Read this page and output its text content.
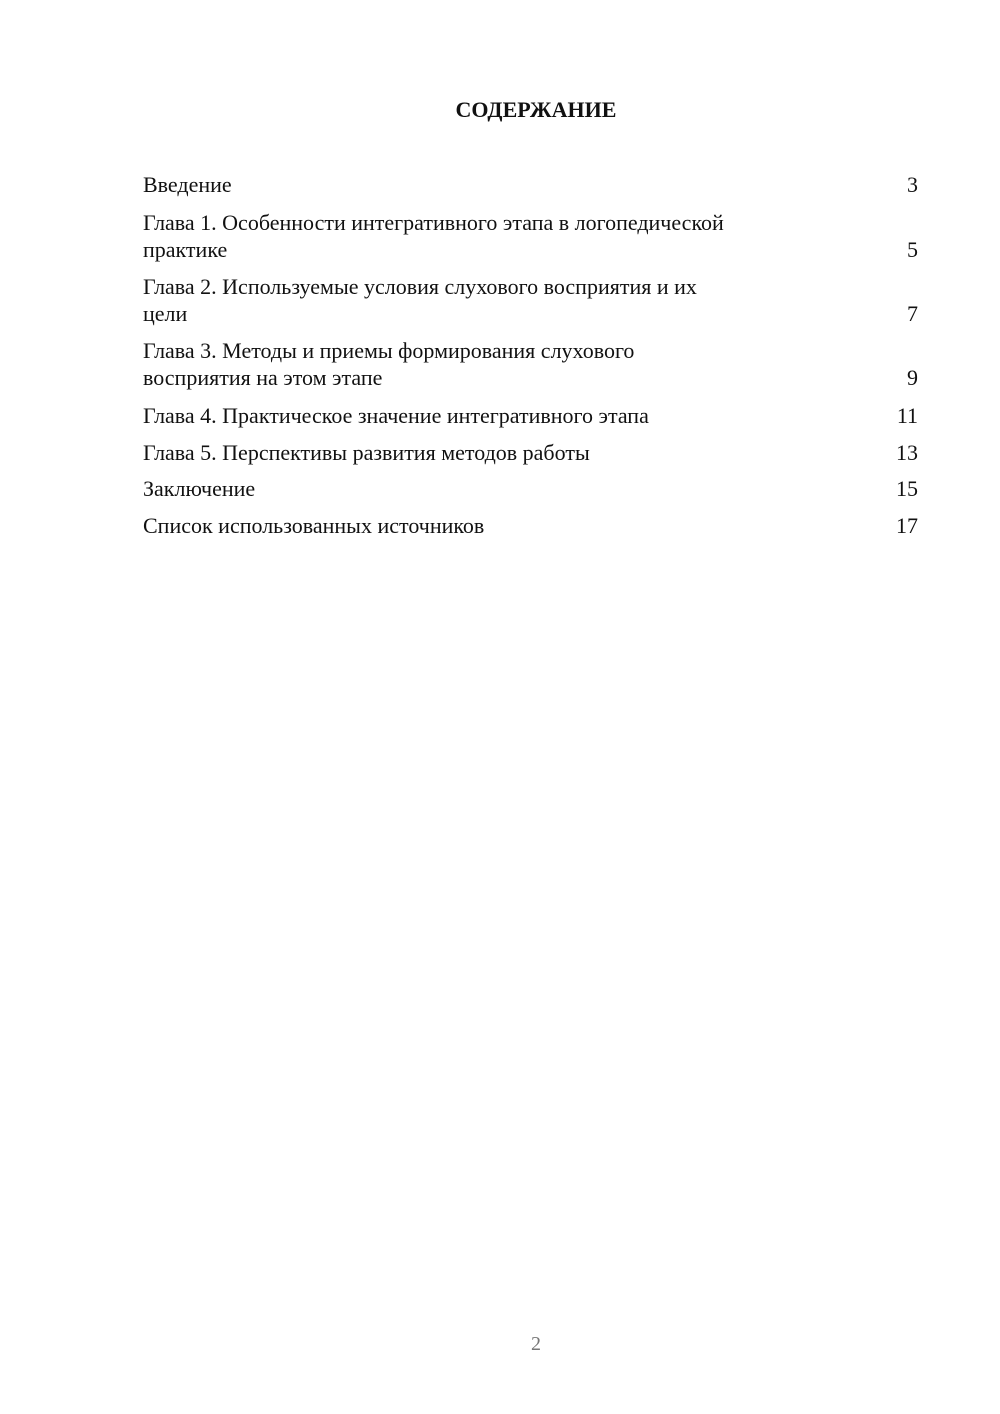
СОДЕРЖАНИЕ
Введение	3
Глава 1. Особенности интегративного этапа в логопедической
практике	5
Глава 2. Используемые условия слухового восприятия и их
цели	7
Глава 3. Методы и приемы формирования слухового
восприятия на этом этапе	9
Глава 4. Практическое значение интегративного этапа	11
Глава 5. Перспективы развития методов работы	13
Заключение	15
Список использованных источников	17
2
